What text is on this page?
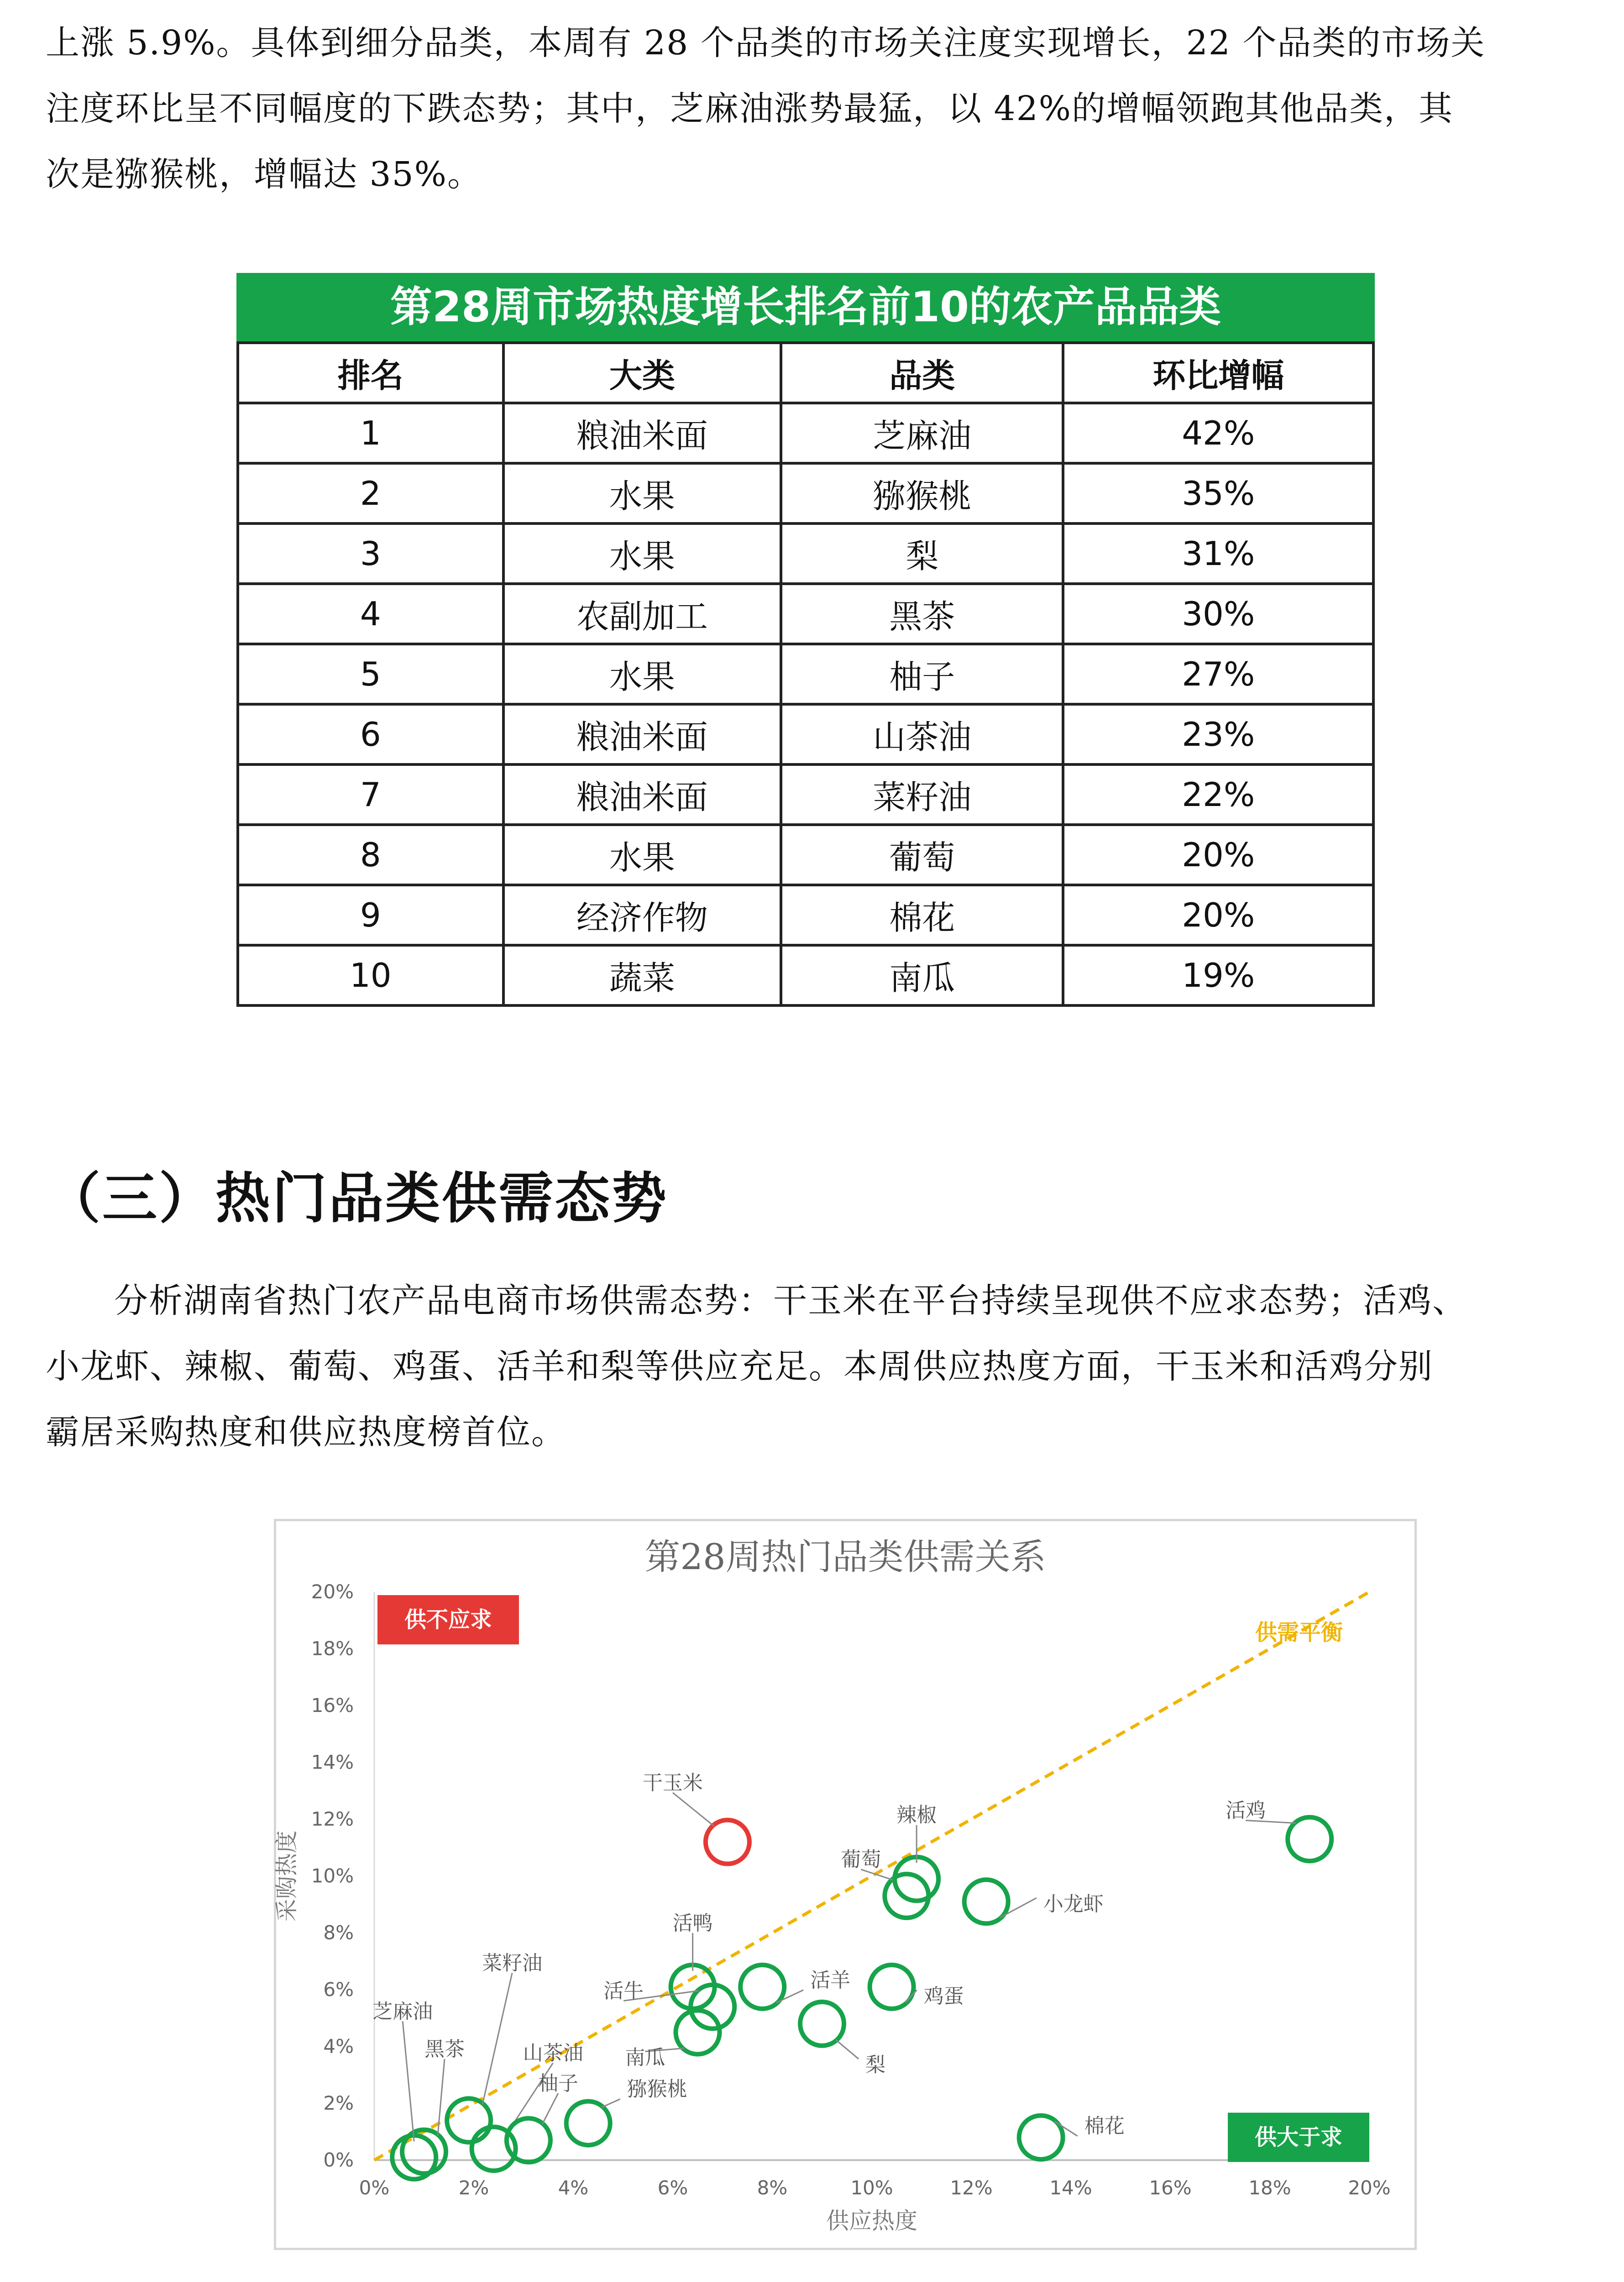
上涨 5.9%。具体到细分品类，本周有 28 个品类的市场关注度实现增长，22 个品类的市场关
注度环比呈不同幅度的下跌态势；其中，芝麻油涨势最猛，以 42%的增幅领跑其他品类，其
次是猕猴桃，增幅达 35%。
第28周市场热度增长排名前10的农产品品类
排名	大类	品类	环比增幅
1	粮油米面	芝麻油	42%
2	水果	猕猴桃	35%
3	水果	梨	31%
4	农副加工	黑茶	30%
5	水果	柚子	27%
6	粮油米面	山茶油	23%
7	粮油米面	菜籽油	22%
8	水果	葡萄	20%
9	经济作物	棉花	20%
10	蔬菜	南瓜	19%
（三）热门品类供需态势
分析湖南省热门农产品电商市场供需态势：干玉米在平台持续呈现供不应求态势；活鸡、
小龙虾、辣椒、葡萄、鸡蛋、活羊和梨等供应充足。本周供应热度方面，干玉米和活鸡分别
霸居采购热度和供应热度榜首位。
第28周热门品类供需关系
0%	2%	4%	6%	8%	10%	12%	14%	16%	18%	20%
0%
2%
4%
6%
8%
10%
12%
14%
16%
18%
20%
供应热度
采购热度
供需平衡
供不应求
供大于求
干玉米
活鸡
辣椒
小龙虾
葡萄
活鸭
活牛	活羊
鸡蛋
南瓜	梨
猕猴桃
棉花
菜籽油
山茶油
柚子
黑茶
芝麻油
